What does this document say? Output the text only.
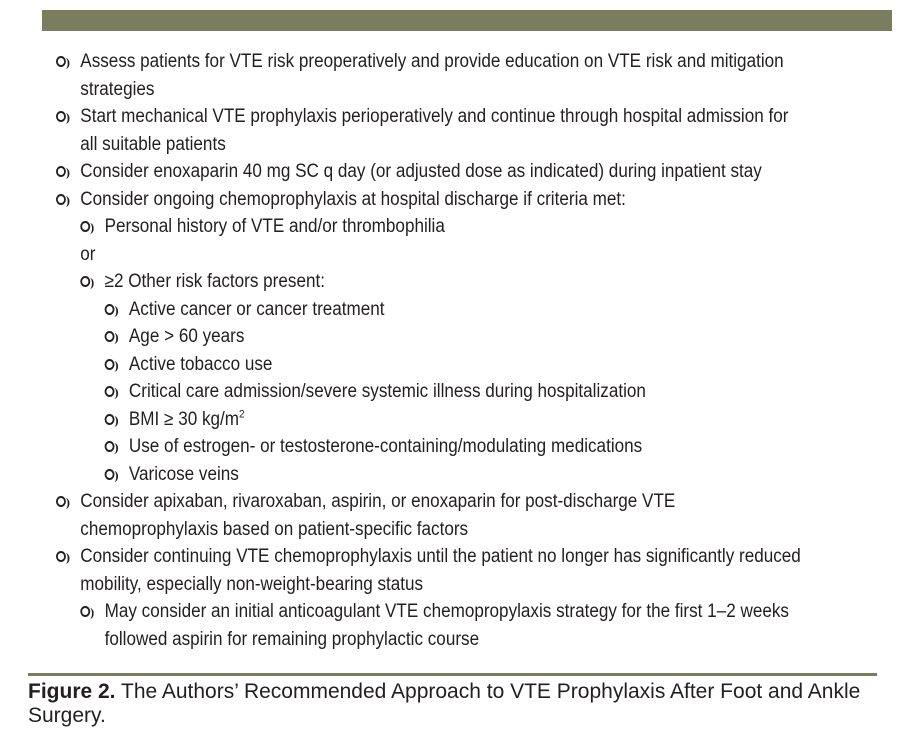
Assess patients for VTE risk preoperatively and provide education on VTE risk and mitigation strategies
Start mechanical VTE prophylaxis perioperatively and continue through hospital admission for all suitable patients
Consider enoxaparin 40 mg SC q day (or adjusted dose as indicated) during inpatient stay
Consider ongoing chemoprophylaxis at hospital discharge if criteria met:
Personal history of VTE and/or thrombophilia
or
≥2 Other risk factors present:
Active cancer or cancer treatment
Age > 60 years
Active tobacco use
Critical care admission/severe systemic illness during hospitalization
BMI ≥ 30 $kg/m^2$
Use of estrogen- or testosterone-containing/modulating medications
Varicose veins
Consider apixaban, rivaroxaban, aspirin, or enoxaparin for post-discharge VTE chemoprophylaxis based on patient-specific factors
Consider continuing VTE chemoprophylaxis until the patient no longer has significantly reduced mobility, especially non-weight-bearing status
May consider an initial anticoagulant VTE chemopropylaxis strategy for the first 1–2 weeks followed aspirin for remaining prophylactic course
Figure 2. The Authors’ Recommended Approach to VTE Prophylaxis After Foot and Ankle Surgery.
